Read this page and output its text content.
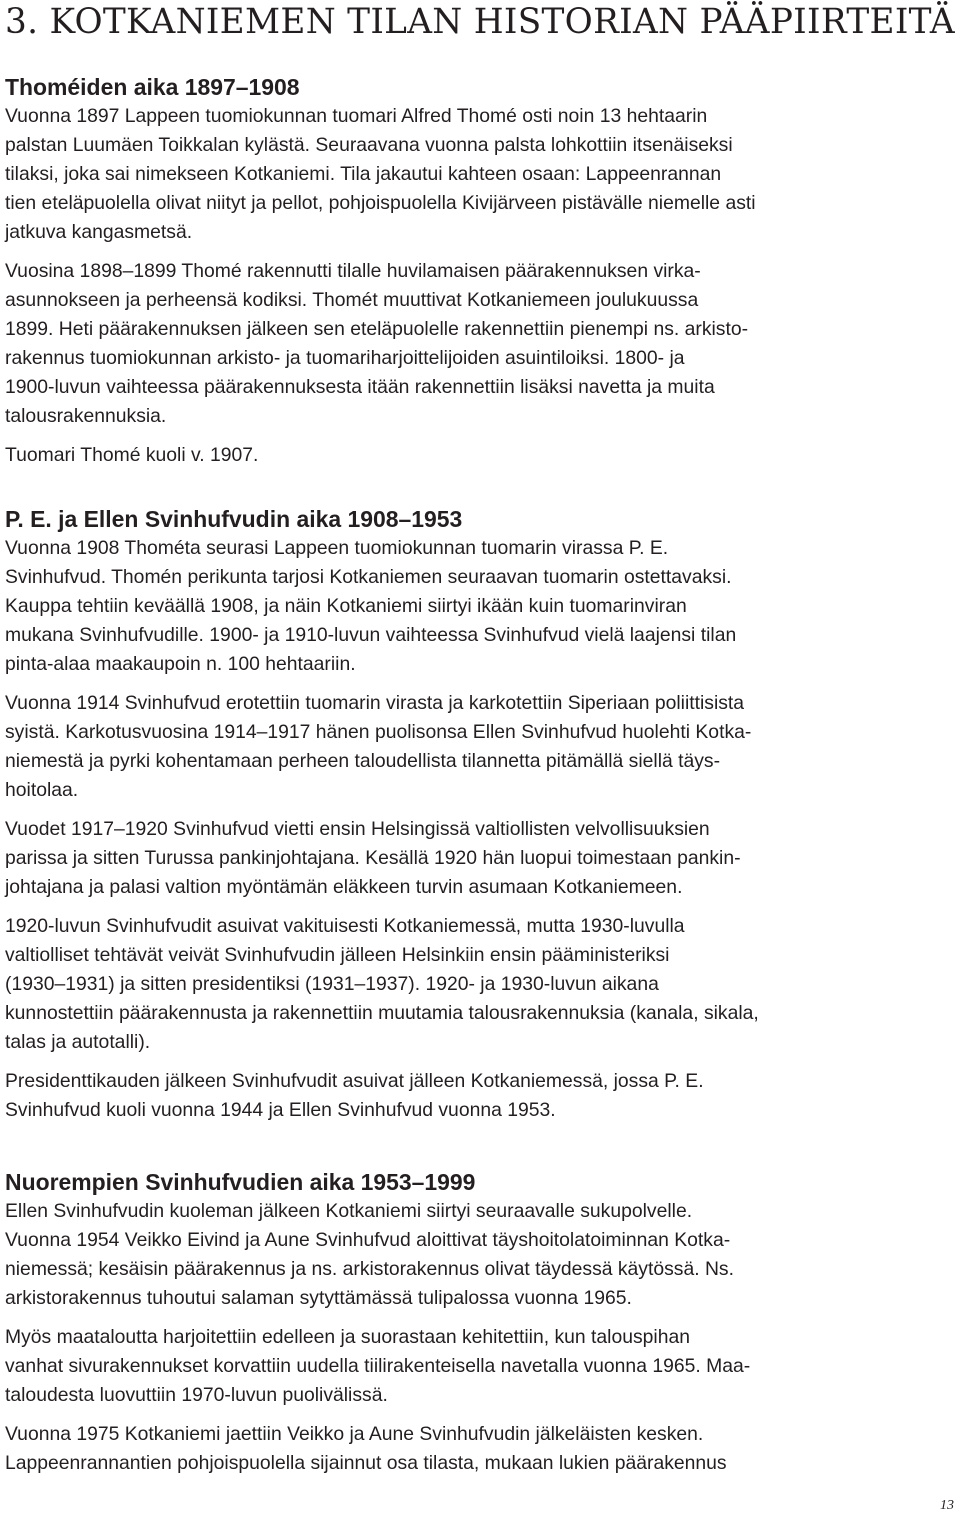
3. KOTKANIEMEN TILAN HISTORIAN PÄÄPIIRTEITÄ
Thoméiden aika 1897–1908

Vuonna 1897 Lappeen tuomiokunnan tuomari Alfred Thomé osti noin 13 hehtaarin
palstan Luumäen Toikkalan kylästä. Seuraavana vuonna palsta lohkottiin itsenäiseksi
tilaksi, joka sai nimekseen Kotkaniemi. Tila jakautui kahteen osaan: Lappeenrannan
tien eteläpuolella olivat niityt ja pellot, pohjoispuolella Kivijärveen pistävälle niemelle asti
jatkuva kangasmetsä.

Vuosina 1898–1899 Thomé rakennutti tilalle huvilamaisen päärakennuksen virka-
asunnokseen ja perheensä kodiksi. Thomét muuttivat Kotkaniemeen joulukuussa
1899. Heti päärakennuksen jälkeen sen eteläpuolelle rakennettiin pienempi ns. arkisto-
rakennus tuomiokunnan arkisto- ja tuomariharjoittelijoiden asuintiloiksi. 1800- ja
1900-luvun vaihteessa päärakennuksesta itään rakennettiin lisäksi navetta ja muita
talousrakennuksia.

Tuomari Thomé kuoli v. 1907.

P. E. ja Ellen Svinhufvudin aika 1908–1953

Vuonna 1908 Thométa seurasi Lappeen tuomiokunnan tuomarin virassa P. E.
Svinhufvud. Thomén perikunta tarjosi Kotkaniemen seuraavan tuomarin ostettavaksi.
Kauppa tehtiin keväällä 1908, ja näin Kotkaniemi siirtyi ikään kuin tuomarinviran
mukana Svinhufvudille. 1900- ja 1910-luvun vaihteessa Svinhufvud vielä laajensi tilan
pinta-alaa maakaupoin n. 100 hehtaariin.

Vuonna 1914 Svinhufvud erotettiin tuomarin virasta ja karkotettiin Siperiaan poliittisista
syistä. Karkotusvuosina 1914–1917 hänen puolisonsa Ellen Svinhufvud huolehti Kotka-
niemestä ja pyrki kohentamaan perheen taloudellista tilannetta pitämällä siellä täys-
hoitolaa.

Vuodet 1917–1920 Svinhufvud vietti ensin Helsingissä valtiollisten velvollisuuksien
parissa ja sitten Turussa pankinjohtajana. Kesällä 1920 hän luopui toimestaan pankin-
johtajana ja palasi valtion myöntämän eläkkeen turvin asumaan Kotkaniemeen.

1920-luvun Svinhufvudit asuivat vakituisesti Kotkaniemessä, mutta 1930-luvulla
valtiolliset tehtävät veivät Svinhufvudin jälleen Helsinkiin ensin pääministeriksi
(1930–1931) ja sitten presidentiksi (1931–1937). 1920- ja 1930-luvun aikana
kunnostettiin päärakennusta ja rakennettiin muutamia talousrakennuksia (kanala, sikala,
talas ja autotalli).

Presidenttikauden jälkeen Svinhufvudit asuivat jälleen Kotkaniemessä, jossa P. E.
Svinhufvud kuoli vuonna 1944 ja Ellen Svinhufvud vuonna 1953.

Nuorempien Svinhufvudien aika 1953–1999

Ellen Svinhufvudin kuoleman jälkeen Kotkaniemi siirtyi seuraavalle sukupolvelle.
Vuonna 1954 Veikko Eivind ja Aune Svinhufvud aloittivat täyshoitolatoiminnan Kotka-
niemessä; kesäisin päärakennus ja ns. arkistorakennus olivat täydessä käytössä. Ns.
arkistorakennus tuhoutui salaman sytyttämässä tulipalossa vuonna 1965.

Myös maataloutta harjoitettiin edelleen ja suorastaan kehitettiin, kun talouspihan
vanhat sivurakennukset korvattiin uudella tiilirakenteisella navetalla vuonna 1965. Maa-
taloudesta luovuttiin 1970-luvun puolivälissä.

Vuonna 1975 Kotkaniemi jaettiin Veikko ja Aune Svinhufvudin jälkeläisten kesken.
Lappeenrannantien pohjoispuolella sijainnut osa tilasta, mukaan lukien päärakennus

13
